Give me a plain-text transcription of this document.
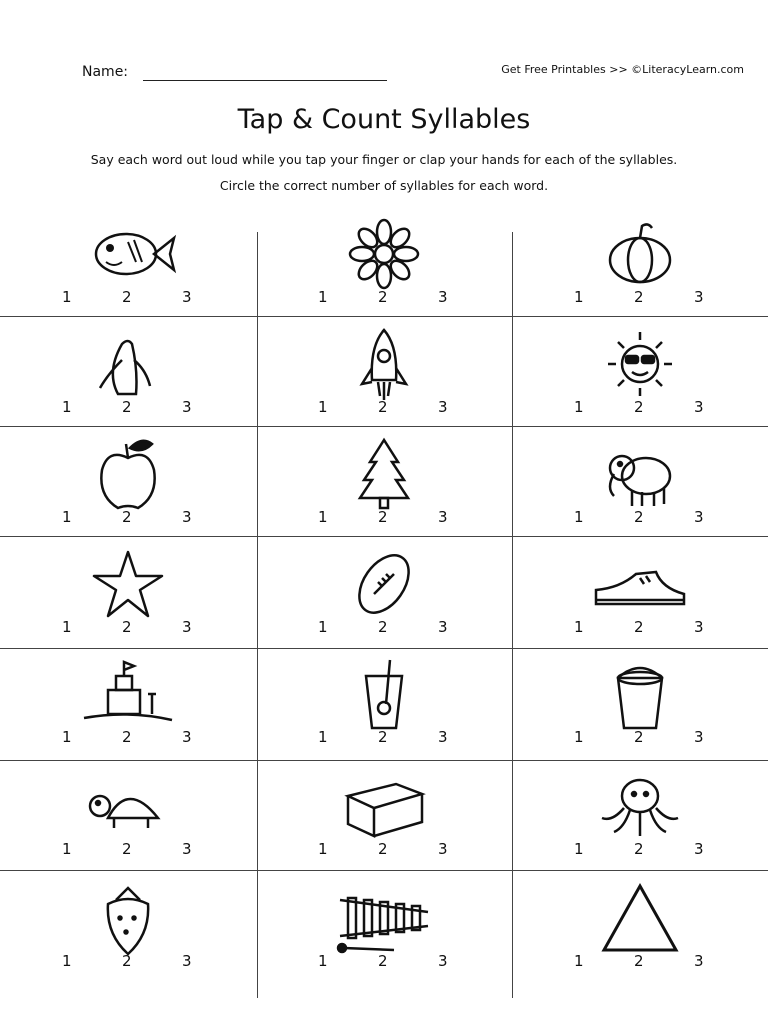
Name:	Get Free Printables >> ©LiteracyLearn.com
Tap & Count Syllables
Say each word out loud while you tap your finger or clap your hands for each of the syllables.
Circle the correct number of syllables for each word.
1	2	3	1	2	3	1	2	3
1	2	3	1	2	3	1	2	3
1	2	3	1	2	3	1	2	3
1	2	3	1	2	3	1	2	3
1	2	3	1	2	3	1	2	3
1	2	3	1	2	3	1	2	3
1	2	3	1	2	3	1	2	3
